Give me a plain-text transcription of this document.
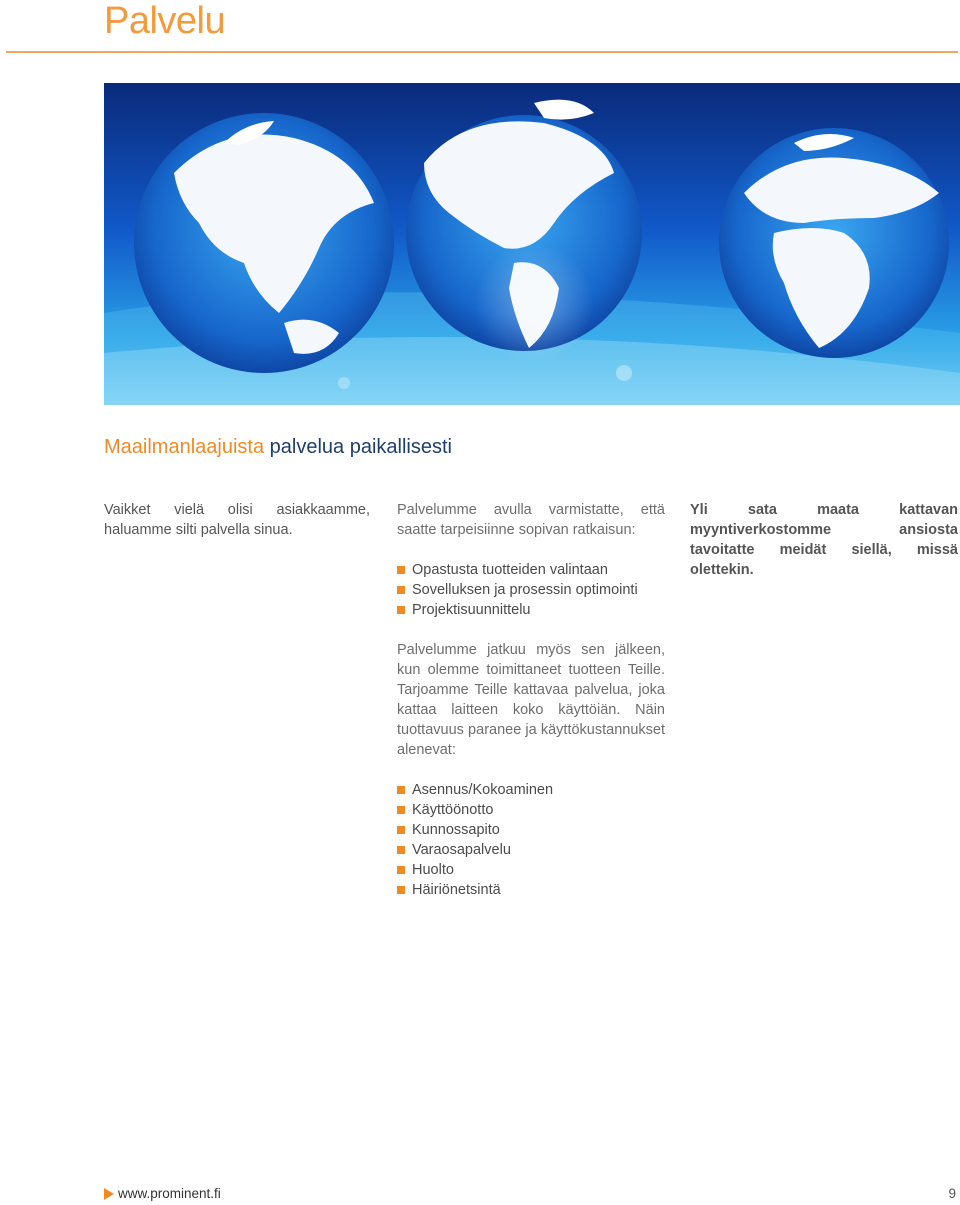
Palvelu
Maailmanlaajuista palvelua paikallisesti
Vaikket vielä olisi asiakkaamme, haluamme silti palvella sinua.

Palvelumme avulla varmistatte, että saatte tarpeisiinne sopivan ratkaisun:

Opastusta tuotteiden valintaan
Sovelluksen ja prosessin optimointi
Projektisuunnittelu

Palvelumme jatkuu myös sen jälkeen, kun olemme toimittaneet tuotteen Teille. Tarjoamme Teille kattavaa palvelua, joka kattaa laitteen koko käyttöiän. Näin tuottavuus paranee ja käyttökustannukset alenevat:

Asennus/Kokoaminen
Käyttöönotto
Kunnossapito
Varaosapalvelu
Huolto
Häiriönetsintä
Yli sata maata kattavan myyntiverkostomme ansiosta tavoitatte meidät siellä, missä olettekin.
www.prominent.fi	9
